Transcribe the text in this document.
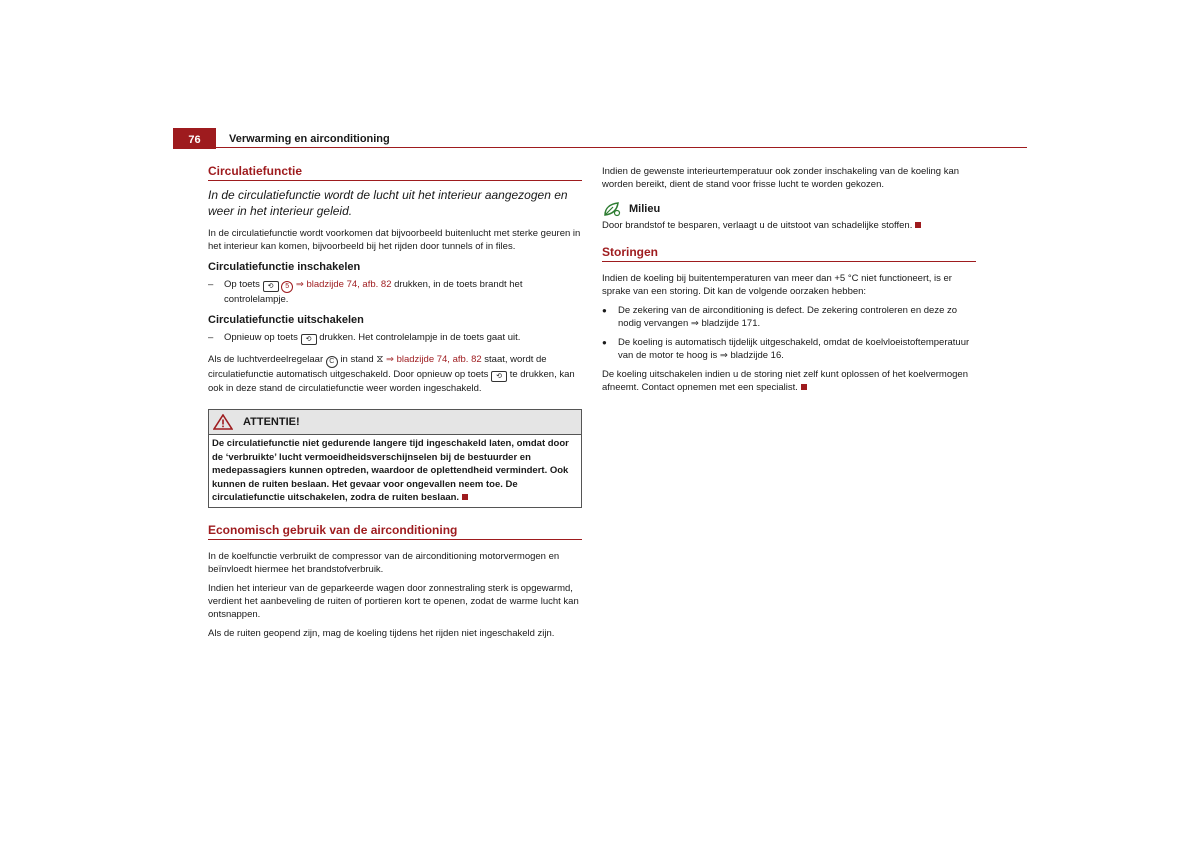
76	Verwarming en airconditioning
Circulatiefunctie

In de circulatiefunctie wordt de lucht uit het interieur aangezogen en weer in het interieur geleid.

In de circulatiefunctie wordt voorkomen dat bijvoorbeeld buitenlucht met sterke geuren in het interieur kan komen, bijvoorbeeld bij het rijden door tunnels of in files.

Circulatiefunctie inschakelen
– Op toets ⟲ 5 ⇒ bladzijde 74, afb. 82 drukken, in de toets brandt het controlelampje.
Circulatiefunctie uitschakelen
– Opnieuw op toets ⟲ drukken. Het controlelampje in de toets gaat uit.

Als de luchtverdeelregelaar C in stand ⧖ ⇒ bladzijde 74, afb. 82 staat, wordt de circulatiefunctie automatisch uitgeschakeld. Door opnieuw op toets ⟲ te drukken, kan ook in deze stand de circulatiefunctie weer worden ingeschakeld.

ATTENTIE!
De circulatiefunctie niet gedurende langere tijd ingeschakeld laten, omdat door de ‘verbruikte’ lucht vermoeidheidsverschijnselen bij de bestuurder en medepassagiers kunnen optreden, waardoor de oplettendheid vermindert. Ook kunnen de ruiten beslaan. Het gevaar voor ongevallen neem toe. De circulatiefunctie uitschakelen, zodra de ruiten beslaan.
Economisch gebruik van de airconditioning

In de koelfunctie verbruikt de compressor van de airconditioning motorvermogen en beïnvloedt hiermee het brandstofverbruik.

Indien het interieur van de geparkeerde wagen door zonnestraling sterk is opgewarmd, verdient het aanbeveling de ruiten of portieren kort te openen, zodat de warme lucht kan ontsnappen.

Als de ruiten geopend zijn, mag de koeling tijdens het rijden niet ingeschakeld zijn.

Indien de gewenste interieurtemperatuur ook zonder inschakeling van de koeling kan worden bereikt, dient de stand voor frisse lucht te worden gekozen.

Milieu

Door brandstof te besparen, verlaagt u de uitstoot van schadelijke stoffen.

Storingen

Indien de koeling bij buitentemperaturen van meer dan +5 °C niet functioneert, is er sprake van een storing. Dit kan de volgende oorzaken hebben:

● De zekering van de airconditioning is defect. De zekering controleren en deze zo nodig vervangen ⇒ bladzijde 171.
● De koeling is automatisch tijdelijk uitgeschakeld, omdat de koelvloeistoftemperatuur van de motor te hoog is ⇒ bladzijde 16.

De koeling uitschakelen indien u de storing niet zelf kunt oplossen of het koelvermogen afneemt. Contact opnemen met een specialist.
